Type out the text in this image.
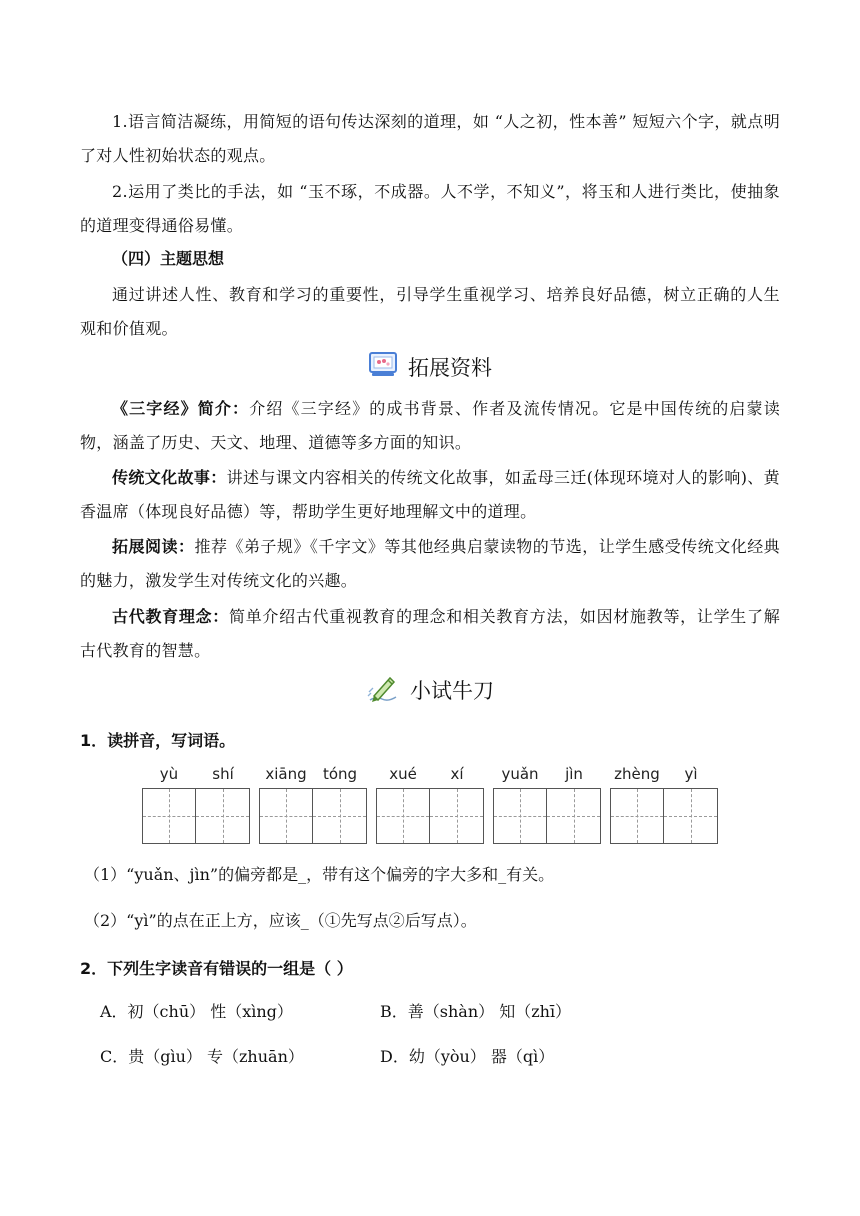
1.语言简洁凝练，用简短的语句传达深刻的道理，如 “人之初，性本善” 短短六个字，就点明了对人性初始状态的观点。

2.运用了类比的手法，如 “玉不琢，不成器。人不学，不知义”，将玉和人进行类比，使抽象的道理变得通俗易懂。

（四）主题思想

通过讲述人性、教育和学习的重要性，引导学生重视学习、培养良好品德，树立正确的人生观和价值观。

拓展资料

《三字经》简介：介绍《三字经》的成书背景、作者及流传情况。它是中国传统的启蒙读物，涵盖了历史、天文、地理、道德等多方面的知识。

传统文化故事：讲述与课文内容相关的传统文化故事，如孟母三迁(体现环境对人的影响)、黄香温席（体现良好品德）等，帮助学生更好地理解文中的道理。

拓展阅读：推荐《弟子规》《千字文》等其他经典启蒙读物的节选，让学生感受传统文化经典的魅力，激发学生对传统文化的兴趣。

古代教育理念：简单介绍古代重视教育的理念和相关教育方法，如因材施教等，让学生了解古代教育的智慧。

小试牛刀
1．读拼音，写词语。
yù	shí	xiāng	tóng	xué	xí	yuǎn	jìn	zhèng	yì
（1）“yuǎn、jìn”的偏旁都是_，带有这个偏旁的字大多和_有关。
（2）“yì”的点在正上方，应该_（①先写点②后写点）。
2．下列生字读音有错误的一组是（ ）
A．初（chū） 性（xìng）	B．善（shàn） 知（zhī）
C．贵（gìu） 专（zhuān）	D．幼（yòu） 器（qì）
